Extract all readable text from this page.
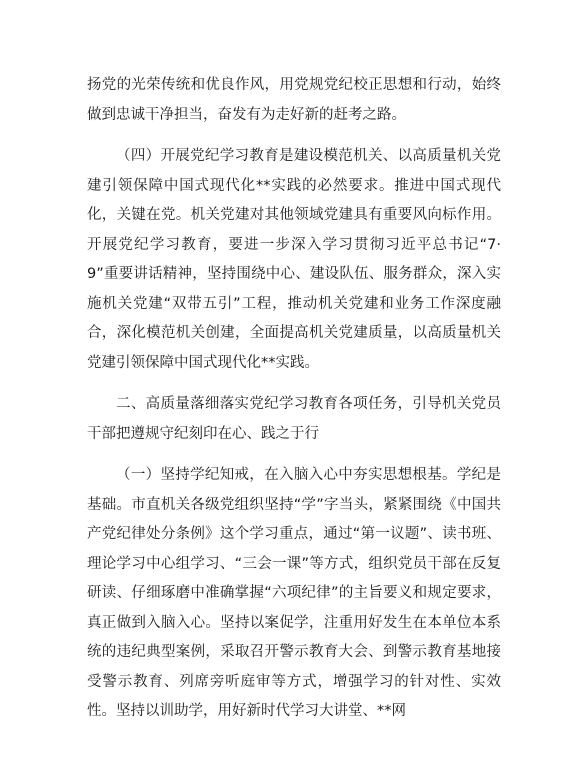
扬党的光荣传统和优良作风，用党规党纪校正思想和行动，始终做到忠诚干净担当，奋发有为走好新的赶考之路。

（四）开展党纪学习教育是建设模范机关、以高质量机关党建引领保障中国式现代化**实践的必然要求。推进中国式现代化，关键在党。机关党建对其他领域党建具有重要风向标作用。开展党纪学习教育，要进一步深入学习贯彻习近平总书记“7·9”重要讲话精神，坚持围绕中心、建设队伍、服务群众，深入实施机关党建“双带五引”工程，推动机关党建和业务工作深度融合，深化模范机关创建，全面提高机关党建质量，以高质量机关党建引领保障中国式现代化**实践。

二、高质量落细落实党纪学习教育各项任务，引导机关党员干部把遵规守纪刻印在心、践之于行

（一）坚持学纪知戒，在入脑入心中夯实思想根基。学纪是基础。市直机关各级党组织坚持“学”字当头，紧紧围绕《中国共产党纪律处分条例》这个学习重点，通过“第一议题”、读书班、理论学习中心组学习、“三会一课”等方式，组织党员干部在反复研读、仔细琢磨中准确掌握“六项纪律”的主旨要义和规定要求，真正做到入脑入心。坚持以案促学，注重用好发生在本单位本系统的违纪典型案例，采取召开警示教育大会、到警示教育基地接受警示教育、列席旁听庭审等方式，增强学习的针对性、实效性。坚持以训助学，用好新时代学习大讲堂、**网
